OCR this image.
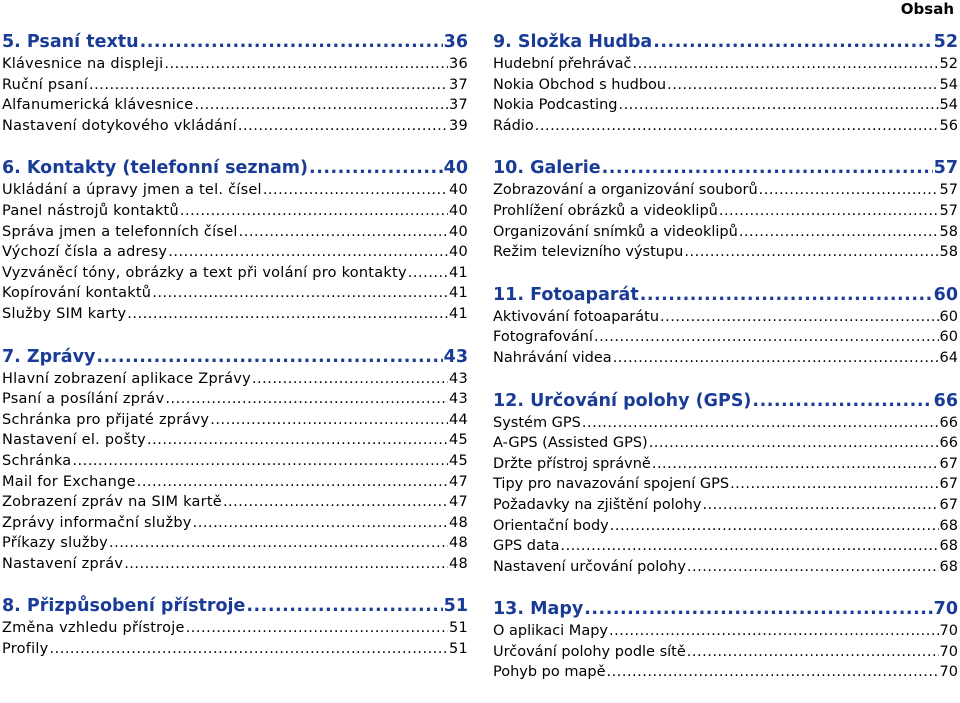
Obsah
5. Psaní textu .....	36
Klávesnice na displeji .....	36
Ruční psaní .....	37
Alfanumerická klávesnice .....	37
Nastavení dotykového vkládání .....	39
6. Kontakty (telefonní seznam) .....	40
Ukládání a úpravy jmen a tel. čísel .....	40
Panel nástrojů kontaktů .....	40
Správa jmen a telefonních čísel .....	40
Výchozí čísla a adresy .....	40
Vyzváněcí tóny, obrázky a text při volání pro kontakty .....	41
Kopírování kontaktů .....	41
Služby SIM karty .....	41
7. Zprávy .....	43
Hlavní zobrazení aplikace Zprávy .....	43
Psaní a posílání zpráv .....	43
Schránka pro přijaté zprávy .....	44
Nastavení el. pošty .....	45
Schránka .....	45
Mail for Exchange .....	47
Zobrazení zpráv na SIM kartě .....	47
Zprávy informační služby .....	48
Příkazy služby .....	48
Nastavení zpráv .....	48
8. Přizpůsobení přístroje .....	51
Změna vzhledu přístroje .....	51
Profily .....	51
9. Složka Hudba .....	52
Hudební přehrávač .....	52
Nokia Obchod s hudbou .....	54
Nokia Podcasting .....	54
Rádio .....	56
10. Galerie .....	57
Zobrazování a organizování souborů .....	57
Prohlížení obrázků a videoklipů .....	57
Organizování snímků a videoklipů .....	58
Režim televizního výstupu .....	58
11. Fotoaparát .....	60
Aktivování fotoaparátu .....	60
Fotografování .....	60
Nahrávání videa .....	64
12. Určování polohy (GPS) .....	66
Systém GPS .....	66
A-GPS (Assisted GPS) .....	66
Držte přístroj správně .....	67
Tipy pro navazování spojení GPS .....	67
Požadavky na zjištění polohy .....	67
Orientační body .....	68
GPS data .....	68
Nastavení určování polohy .....	68
13. Mapy .....	70
O aplikaci Mapy .....	70
Určování polohy podle sítě .....	70
Pohyb po mapě .....	70
